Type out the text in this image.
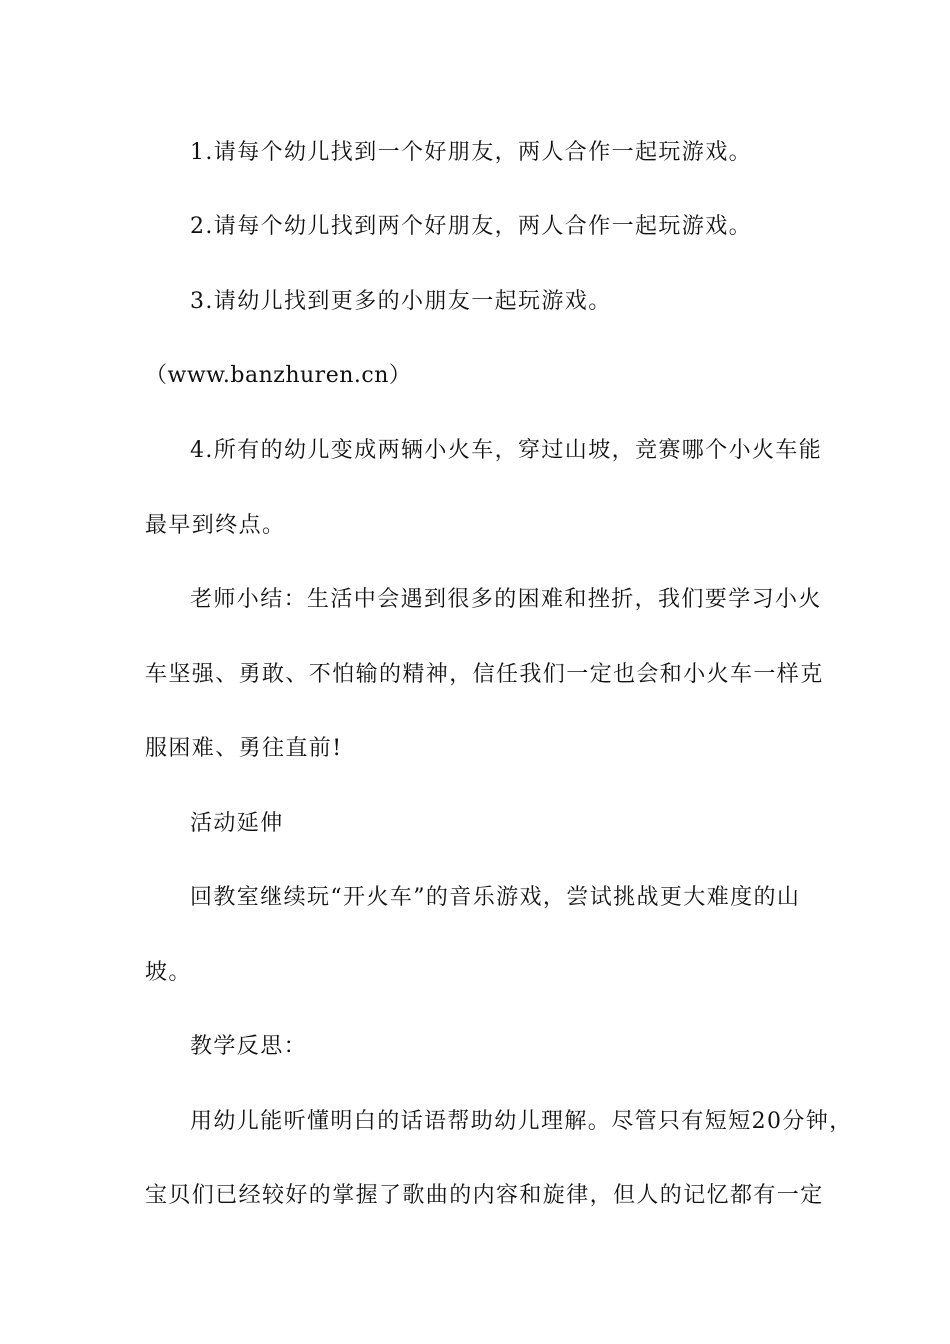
1.请每个幼儿找到一个好朋友，两人合作一起玩游戏。
2.请每个幼儿找到两个好朋友，两人合作一起玩游戏。
3.请幼儿找到更多的小朋友一起玩游戏。
（www.banzhuren.cn）
4.所有的幼儿变成两辆小火车，穿过山坡，竞赛哪个小火车能
最早到终点。
老师小结：生活中会遇到很多的困难和挫折，我们要学习小火
车坚强、勇敢、不怕输的精神，信任我们一定也会和小火车一样克
服困难、勇往直前!
活动延伸
回教室继续玩“开火车”的音乐游戏，尝试挑战更大难度的山
坡。
教学反思：
用幼儿能听懂明白的话语帮助幼儿理解。尽管只有短短20分钟，
宝贝们已经较好的掌握了歌曲的内容和旋律，但人的记忆都有一定
